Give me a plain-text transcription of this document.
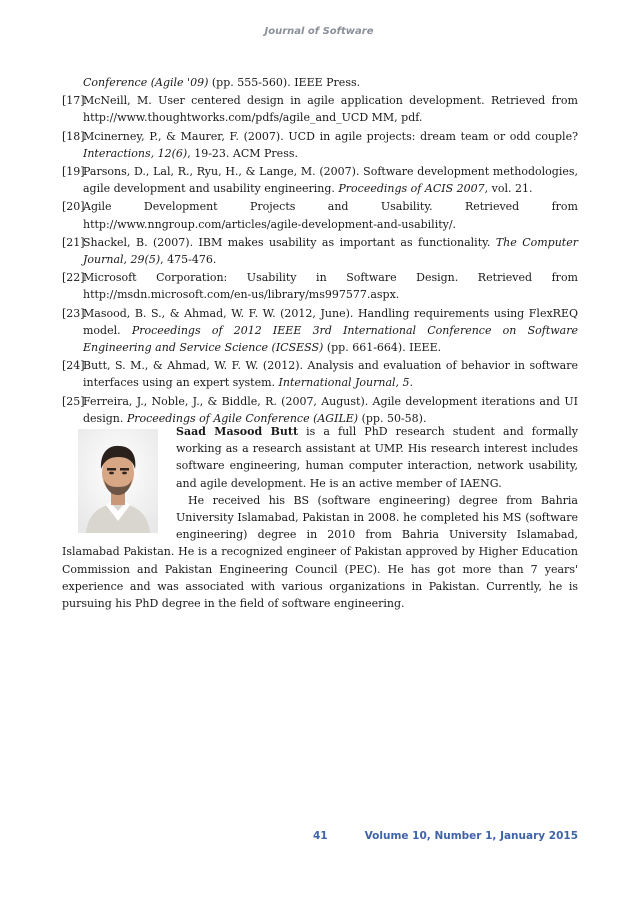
Journal of Software
Conference (Agile '09) (pp. 555-560). IEEE Press.
[17]
McNeill, M. User centered design in agile application development. Retrieved from http://www.thoughtworks.com/pdfs/agile_and_UCD MM, pdf.
[18]
Mcinerney, P., & Maurer, F. (2007). UCD in agile projects: dream team or odd couple? Interactions, 12(6), 19-23. ACM Press.
[19]
Parsons, D., Lal, R., Ryu, H., & Lange, M. (2007). Software development methodologies, agile development and usability engineering. Proceedings of ACIS 2007, vol. 21.
[20]
Agile Development Projects and Usability. Retrieved from http://www.nngroup.com/articles/agile-development-and-usability/.
[21]
Shackel, B. (2007). IBM makes usability as important as functionality. The Computer Journal, 29(5), 475-476.
[22]
Microsoft Corporation: Usability in Software Design. Retrieved from http://msdn.microsoft.com/en-us/library/ms997577.aspx.
[23]
Masood, B. S., & Ahmad, W. F. W. (2012, June). Handling requirements using FlexREQ model. Proceedings of 2012 IEEE 3rd International Conference on Software Engineering and Service Science (ICSESS) (pp. 661-664). IEEE.
[24]
Butt, S. M., & Ahmad, W. F. W. (2012). Analysis and evaluation of behavior in software interfaces using an expert system. International Journal, 5.
[25]
Ferreira, J., Noble, J., & Biddle, R. (2007, August). Agile development iterations and UI design. Proceedings of Agile Conference (AGILE) (pp. 50-58).

Saad Masood Butt is a full PhD research student and formally working as a research assistant at UMP. His research interest includes software engineering, human computer interaction, network usability, and agile development. He is an active member of IAENG.

He received his BS (software engineering) degree from Bahria University Islamabad, Pakistan in 2008. he completed his MS (software engineering) degree in 2010 from Bahria University Islamabad, Islamabad Pakistan. He is a recognized engineer of Pakistan approved by Higher Education Commission and Pakistan Engineering Council (PEC). He has got more than 7 years' experience and was associated with various organizations in Pakistan. Currently, he is pursuing his PhD degree in the field of software engineering.

41	Volume 10, Number 1, January 2015
